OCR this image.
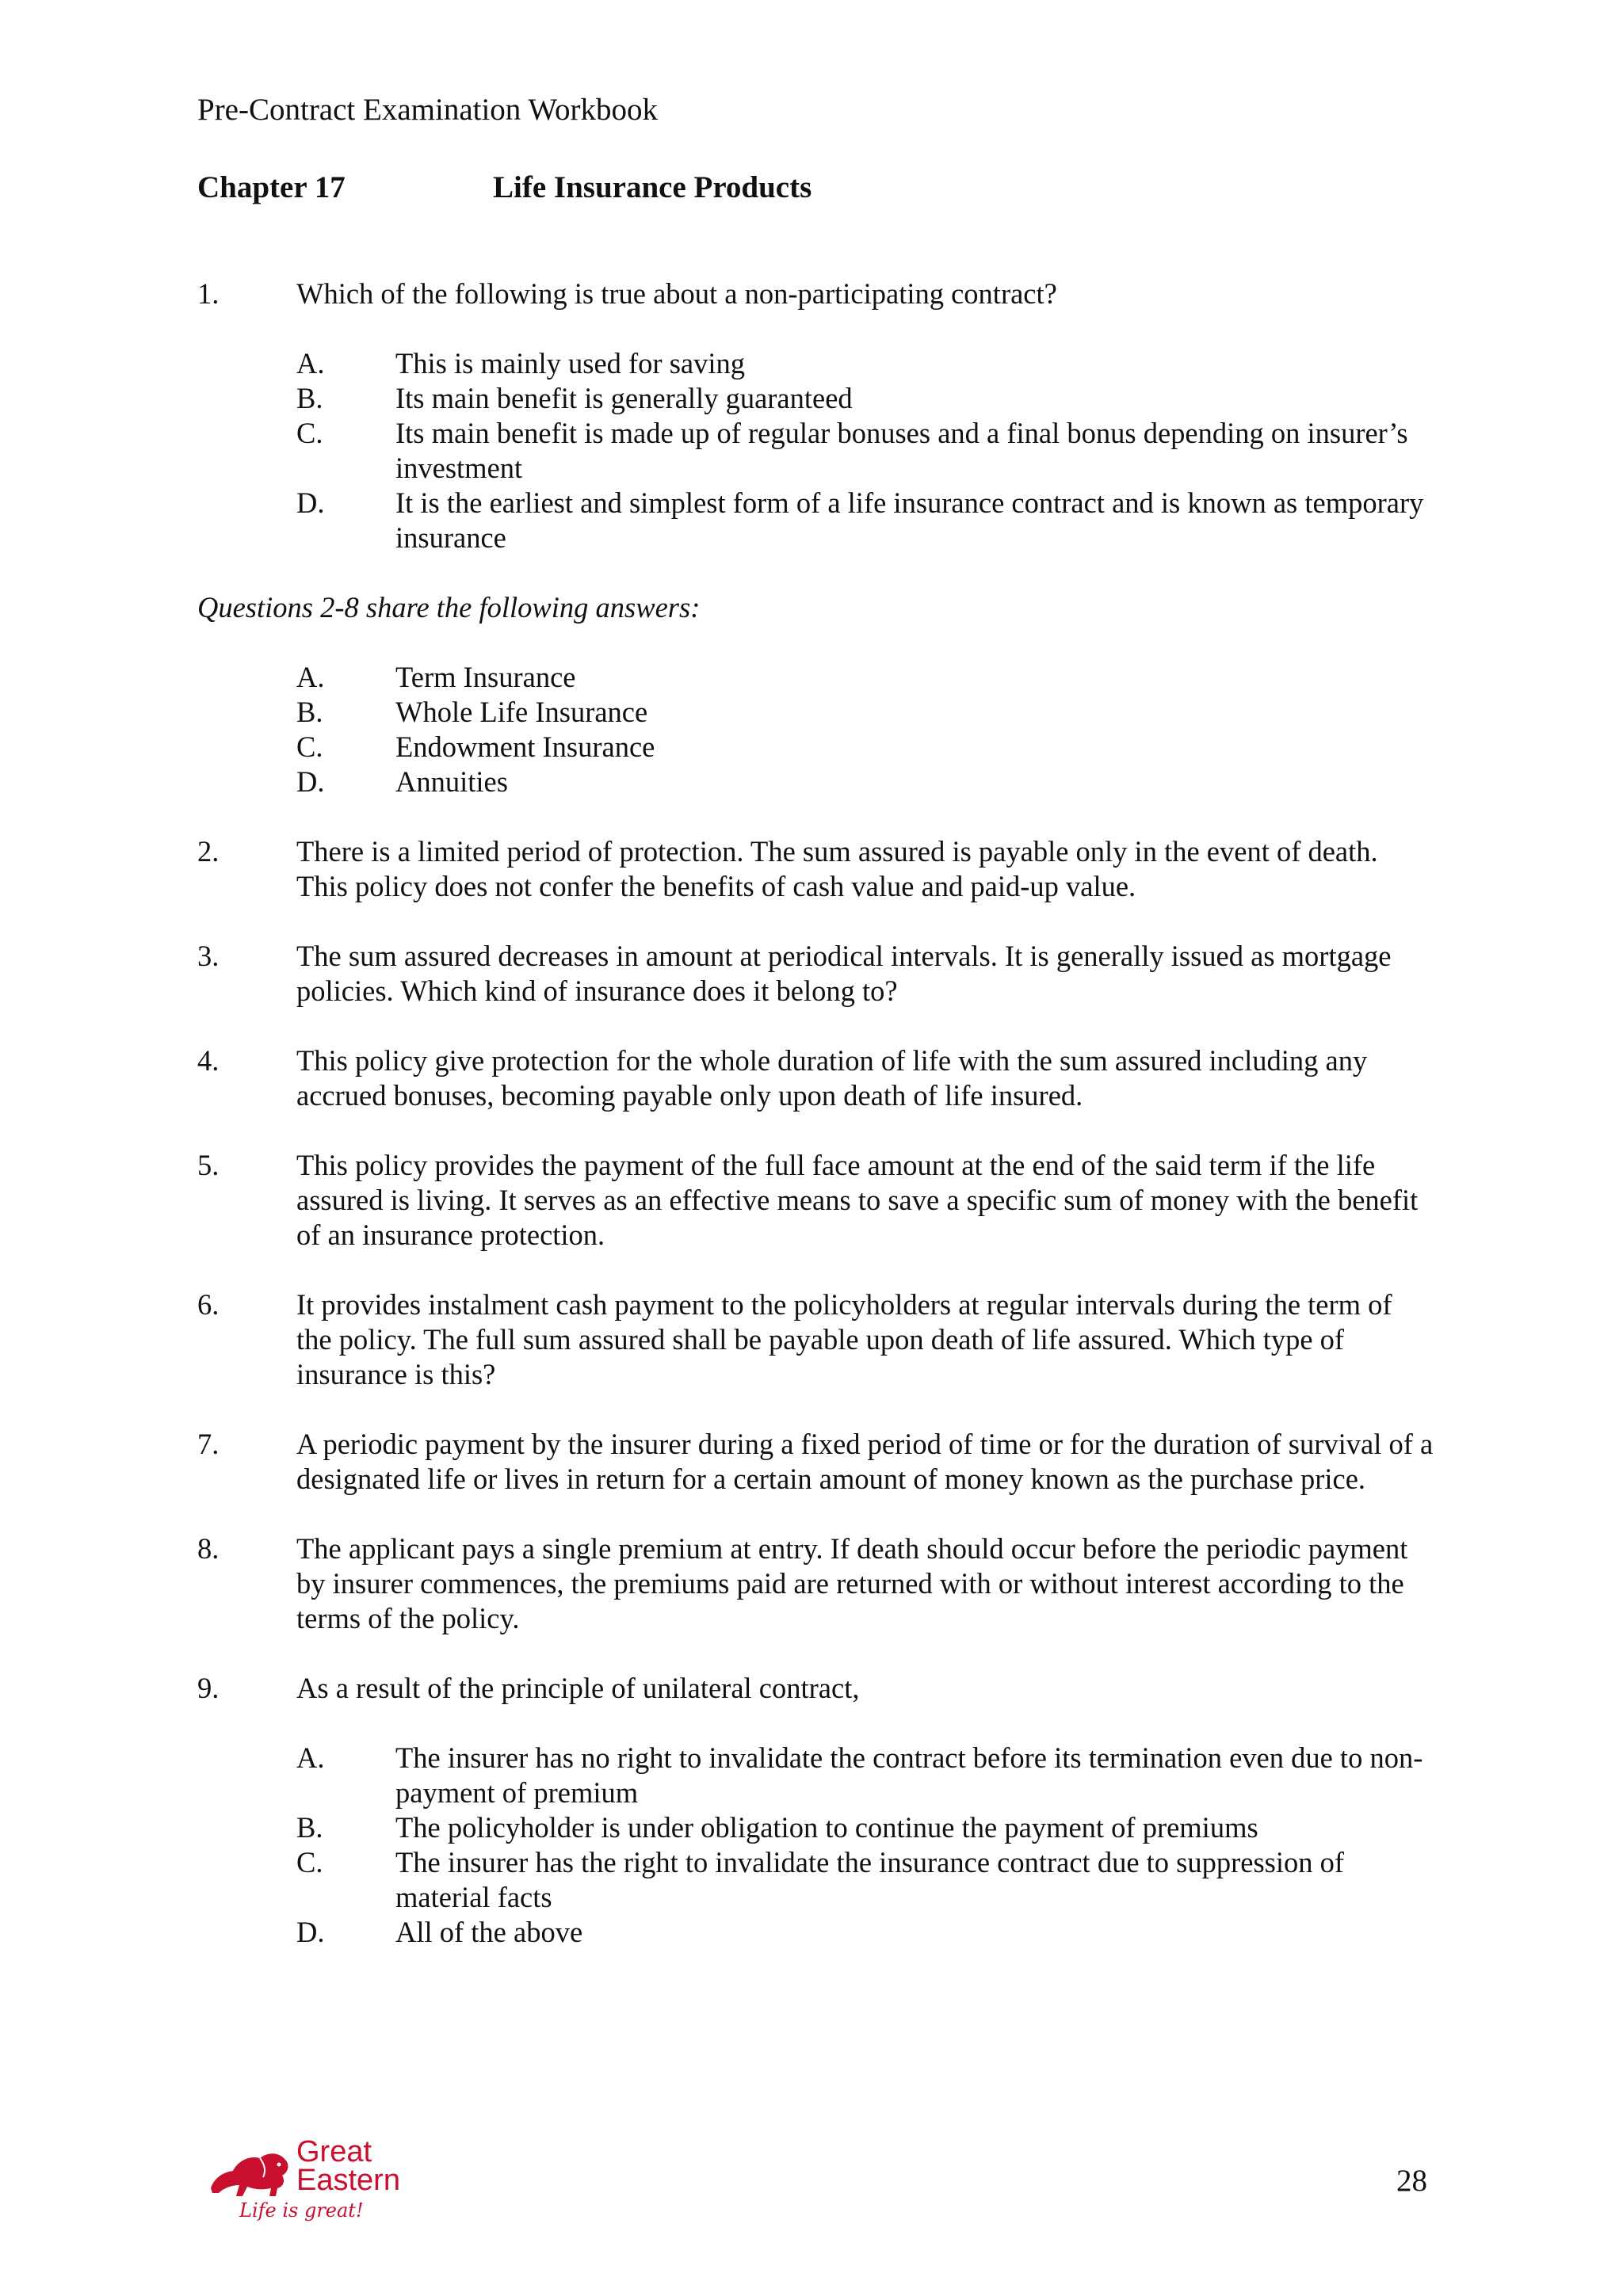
Pre-Contract Examination Workbook
Chapter 17	Life Insurance Products
1.	Which of the following is true about a non-participating contract?
A.	This is mainly used for saving
B.	Its main benefit is generally guaranteed
C.	Its main benefit is made up of regular bonuses and a final bonus depending on insurer’s investment
D.	It is the earliest and simplest form of a life insurance contract and is known as temporary insurance
Questions 2-8 share the following answers:
A.	Term Insurance
B.	Whole Life Insurance
C.	Endowment Insurance
D.	Annuities
2.	There is a limited period of protection. The sum assured is payable only in the event of death. This policy does not confer the benefits of cash value and paid-up value.
3.	The sum assured decreases in amount at periodical intervals. It is generally issued as mortgage policies. Which kind of insurance does it belong to?
4.	This policy give protection for the whole duration of life with the sum assured including any accrued bonuses, becoming payable only upon death of life insured.
5.	This policy provides the payment of the full face amount at the end of the said term if the life assured is living. It serves as an effective means to save a specific sum of money with the benefit of an insurance protection.
6.	It provides instalment cash payment to the policyholders at regular intervals during the term of the policy. The full sum assured shall be payable upon death of life assured. Which type of insurance is this?
7.	A periodic payment by the insurer during a fixed period of time or for the duration of survival of a designated life or lives in return for a certain amount of money known as the purchase price.
8.	The applicant pays a single premium at entry. If death should occur before the periodic payment by insurer commences, the premiums paid are returned with or without interest according to the terms of the policy.
9.	As a result of the principle of unilateral contract,
A.	The insurer has no right to invalidate the contract before its termination even due to non-payment of premium
B.	The policyholder is under obligation to continue the payment of premiums
C.	The insurer has the right to invalidate the insurance contract due to suppression of material facts
D.	All of the above
Great
Eastern
Life is great!
28
